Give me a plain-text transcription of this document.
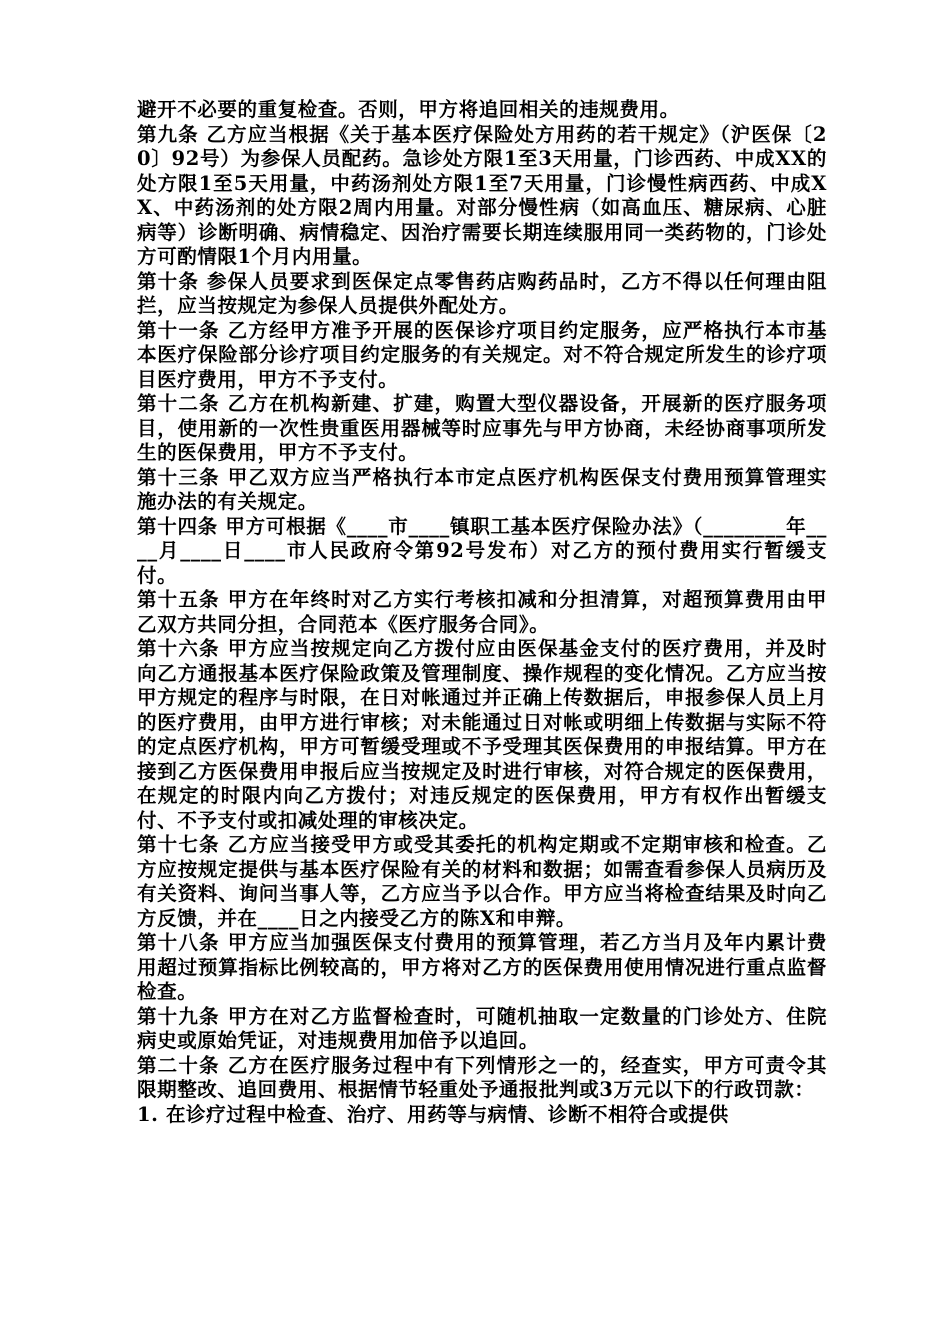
避开不必要的重复检查。否则，甲方将追回相关的违规费用。

第九条 乙方应当根据《关于基本医疗保险处方用药的若干规定》（沪医保〔20〕92号）为参保人员配药。急诊处方限1至3天用量，门诊西药、中成XX的处方限1至5天用量，中药汤剂处方限1至7天用量，门诊慢性病西药、中成XX、中药汤剂的处方限2周内用量。对部分慢性病（如高血压、糖尿病、心脏病等）诊断明确、病情稳定、因治疗需要长期连续服用同一类药物的，门诊处方可酌情限1个月内用量。

第十条 参保人员要求到医保定点零售药店购药品时，乙方不得以任何理由阻拦，应当按规定为参保人员提供外配处方。

第十一条 乙方经甲方准予开展的医保诊疗项目约定服务，应严格执行本市基本医疗保险部分诊疗项目约定服务的有关规定。对不符合规定所发生的诊疗项目医疗费用，甲方不予支付。

第十二条 乙方在机构新建、扩建，购置大型仪器设备，开展新的医疗服务项目，使用新的一次性贵重医用器械等时应事先与甲方协商，未经协商事项所发生的医保费用，甲方不予支付。

第十三条 甲乙双方应当严格执行本市定点医疗机构医保支付费用预算管理实施办法的有关规定。

第十四条 甲方可根据《____市____镇职工基本医疗保险办法》（________年____月____日____市人民政府令第92号发布）对乙方的预付费用实行暂缓支付。

第十五条 甲方在年终时对乙方实行考核扣减和分担清算，对超预算费用由甲乙双方共同分担，合同范本《医疗服务合同》。

第十六条 甲方应当按规定向乙方拨付应由医保基金支付的医疗费用，并及时向乙方通报基本医疗保险政策及管理制度、操作规程的变化情况。乙方应当按甲方规定的程序与时限，在日对帐通过并正确上传数据后，申报参保人员上月的医疗费用，由甲方进行审核；对未能通过日对帐或明细上传数据与实际不符的定点医疗机构，甲方可暂缓受理或不予受理其医保费用的申报结算。甲方在接到乙方医保费用申报后应当按规定及时进行审核，对符合规定的医保费用，在规定的时限内向乙方拨付；对违反规定的医保费用，甲方有权作出暂缓支付、不予支付或扣减处理的审核决定。

第十七条 乙方应当接受甲方或受其委托的机构定期或不定期审核和检查。乙方应按规定提供与基本医疗保险有关的材料和数据；如需查看参保人员病历及有关资料、询问当事人等，乙方应当予以合作。甲方应当将检查结果及时向乙方反馈，并在____日之内接受乙方的陈X和申辩。

第十八条 甲方应当加强医保支付费用的预算管理，若乙方当月及年内累计费用超过预算指标比例较高的，甲方将对乙方的医保费用使用情况进行重点监督检查。

第十九条 甲方在对乙方监督检查时，可随机抽取一定数量的门诊处方、住院病史或原始凭证，对违规费用加倍予以追回。

第二十条 乙方在医疗服务过程中有下列情形之一的，经查实，甲方可责令其限期整改、追回费用、根据情节轻重处予通报批判或3万元以下的行政罚款：

1. 在诊疗过程中检查、治疗、用药等与病情、诊断不相符合或提供
